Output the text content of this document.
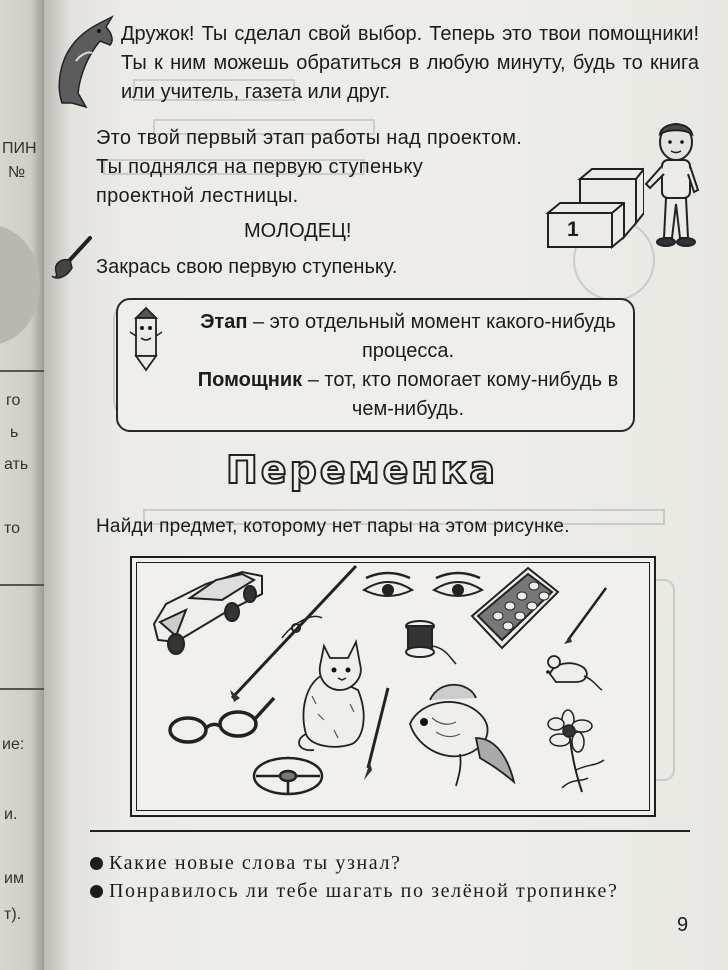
ПИН
№
го
ь
ать
то
ие:
и.
им
т).

Дружок! Ты сделал свой выбор. Теперь это твои помощники! Ты к ним можешь обратиться в любую минуту, будь то книга или учитель, газета или друг.

Это твой первый этап работы над проектом. Ты поднялся на первую ступеньку проектной лестницы.

1
МОЛОДЕЦ!
Закрась свою первую ступеньку.

Этап – это отдельный момент какого-нибудь процесса.

Помощник – тот, кто помогает кому-нибудь в чем-нибудь.

Переменка

Найди предмет, которому нет пары на этом рисунке.

Какие новые слова ты узнал?
Понравилось ли тебе шагать по зелёной тропинке?
9
